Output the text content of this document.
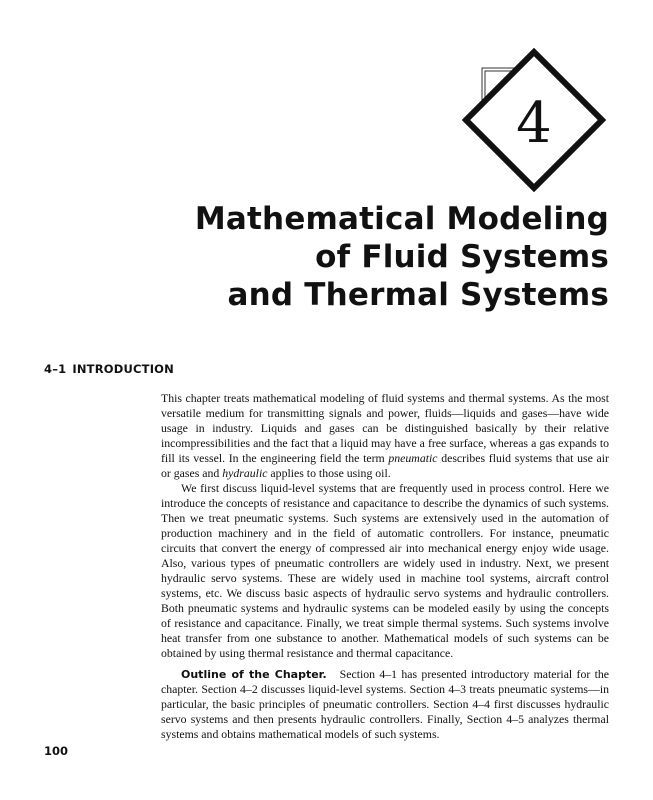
4
Mathematical Modeling
of Fluid Systems
and Thermal Systems
4–1 INTRODUCTION

This chapter treats mathematical modeling of fluid systems and thermal systems. As the most versatile medium for transmitting signals and power, fluids—liquids and gases—have wide usage in industry. Liquids and gases can be distinguished basically by their relative incompressibilities and the fact that a liquid may have a free surface, whereas a gas expands to fill its vessel. In the engineering field the term pneumatic describes fluid systems that use air or gases and hydraulic applies to those using oil.

We first discuss liquid-level systems that are frequently used in process control. Here we introduce the concepts of resistance and capacitance to describe the dynamics of such systems. Then we treat pneumatic systems. Such systems are extensively used in the automation of production machinery and in the field of automatic controllers. For instance, pneumatic circuits that convert the energy of compressed air into mechanical energy enjoy wide usage. Also, various types of pneumatic controllers are widely used in industry. Next, we present hydraulic servo systems. These are widely used in machine tool systems, aircraft control systems, etc. We discuss basic aspects of hydraulic servo systems and hydraulic controllers. Both pneumatic systems and hydraulic systems can be modeled easily by using the concepts of resistance and capacitance. Finally, we treat simple thermal systems. Such systems involve heat transfer from one substance to another. Mathematical models of such systems can be obtained by using thermal resistance and thermal capacitance.

Outline of the Chapter. Section 4–1 has presented introductory material for the chapter. Section 4–2 discusses liquid-level systems. Section 4–3 treats pneumatic systems—in particular, the basic principles of pneumatic controllers. Section 4–4 first discusses hydraulic servo systems and then presents hydraulic controllers. Finally, Section 4–5 analyzes thermal systems and obtains mathematical models of such systems.

100
